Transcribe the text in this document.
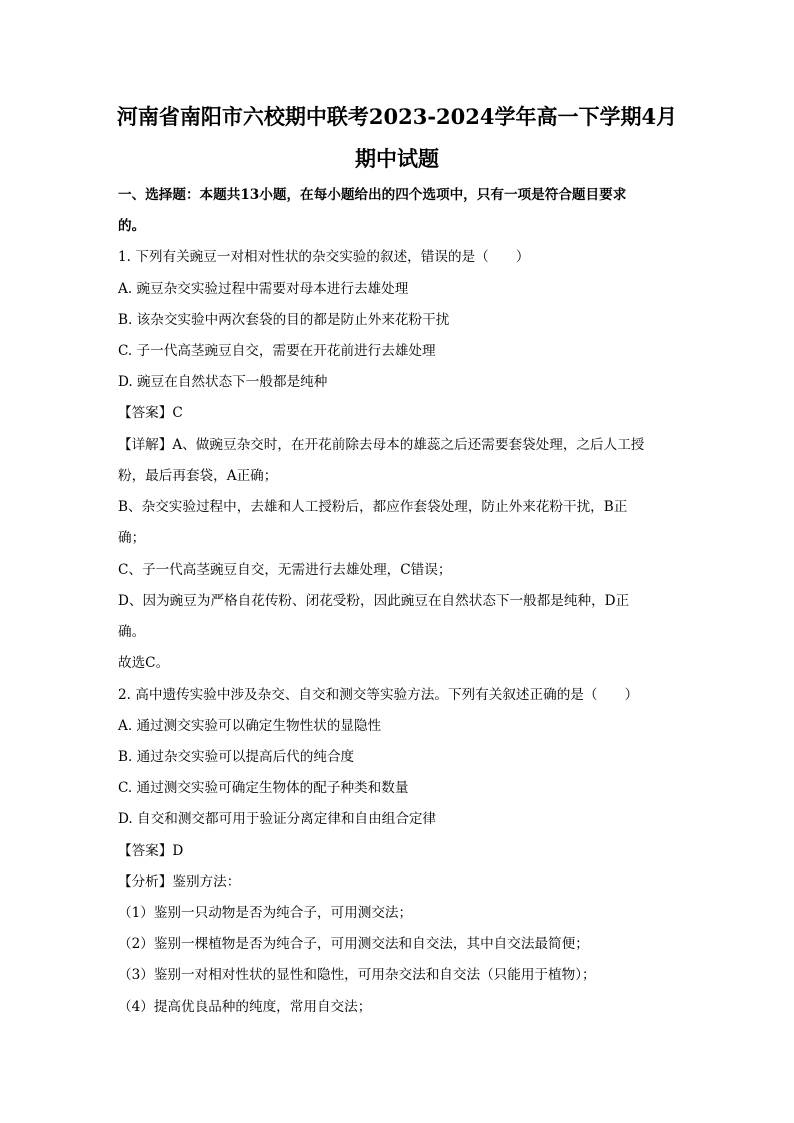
河南省南阳市六校期中联考2023-2024学年高一下学期4月
期中试题
一、选择题：本题共13小题，在每小题给出的四个选项中，只有一项是符合题目要求
的。
1. 下列有关豌豆一对相对性状的杂交实验的叙述，错误的是（　　）
A. 豌豆杂交实验过程中需要对母本进行去雄处理
B. 该杂交实验中两次套袋的目的都是防止外来花粉干扰
C. 子一代高茎豌豆自交，需要在开花前进行去雄处理
D. 豌豆在自然状态下一般都是纯种
【答案】C
【详解】A、做豌豆杂交时，在开花前除去母本的雄蕊之后还需要套袋处理，之后人工授
粉，最后再套袋，A正确；
B、杂交实验过程中，去雄和人工授粉后，都应作套袋处理，防止外来花粉干扰，B正
确；
C、子一代高茎豌豆自交，无需进行去雄处理，C错误；
D、因为豌豆为严格自花传粉、闭花受粉，因此豌豆在自然状态下一般都是纯种，D正
确。
故选C。
2. 高中遗传实验中涉及杂交、自交和测交等实验方法。下列有关叙述正确的是（　　）
A. 通过测交实验可以确定生物性状的显隐性
B. 通过杂交实验可以提高后代的纯合度
C. 通过测交实验可确定生物体的配子种类和数量
D. 自交和测交都可用于验证分离定律和自由组合定律
【答案】D
【分析】鉴别方法：
（1）鉴别一只动物是否为纯合子，可用测交法；
（2）鉴别一棵植物是否为纯合子，可用测交法和自交法，其中自交法最简便；
（3）鉴别一对相对性状的显性和隐性，可用杂交法和自交法（只能用于植物）；
（4）提高优良品种的纯度，常用自交法；
